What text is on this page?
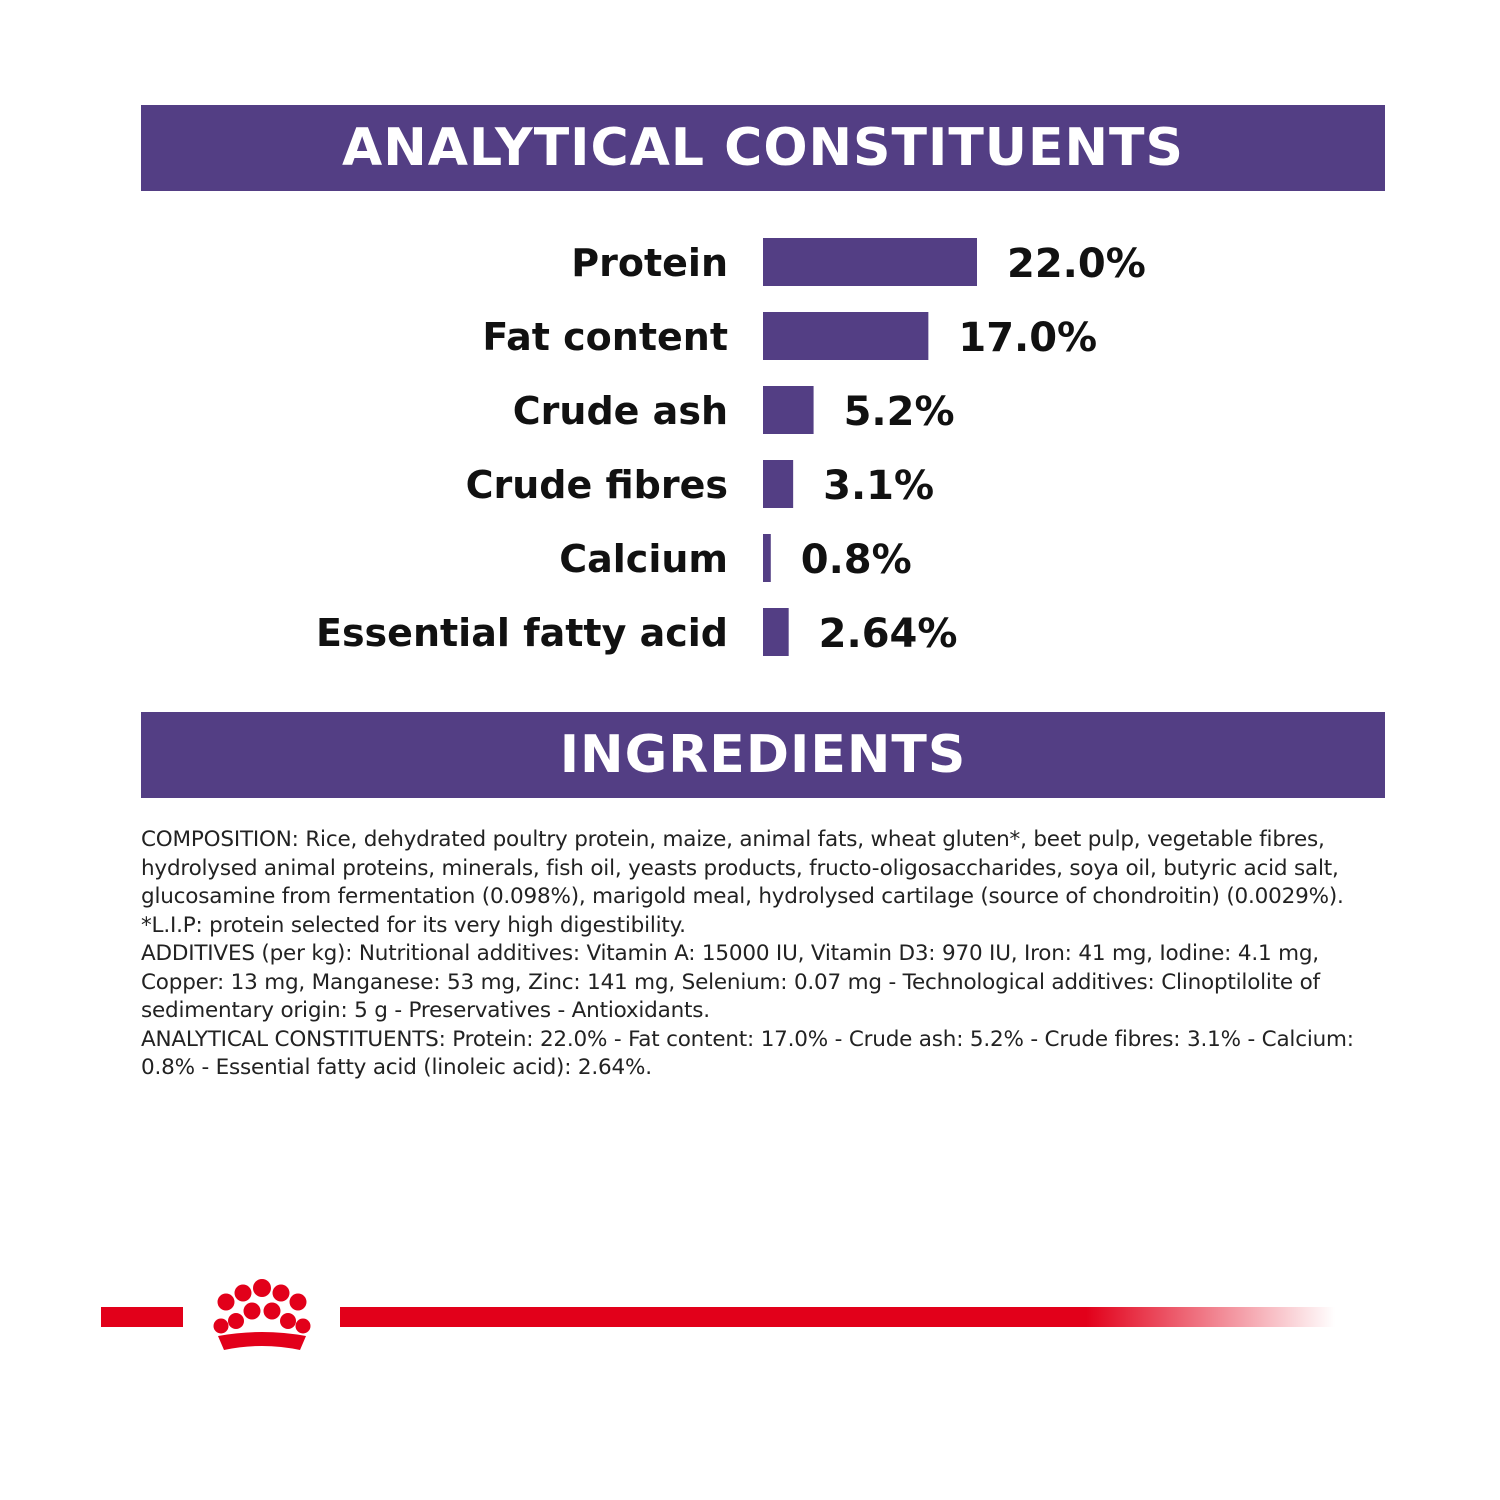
ANALYTICAL CONSTITUENTS
Protein	22.0%
Fat content	17.0%
Crude ash	5.2%
Crude fibres 3.1%
Calcium 0.8%
Essential fatty acid 2.64%
INGREDIENTS

COMPOSITION: Rice, dehydrated poultry protein, maize, animal fats, wheat gluten*, beet pulp, vegetable fibres, hydrolysed animal proteins, minerals, fish oil, yeasts products, fructo-oligosaccharides, soya oil, butyric acid salt, glucosamine from fermentation (0.098%), marigold meal, hydrolysed cartilage (source of chondroitin) (0.0029%). *L.I.P: protein selected for its very high digestibility.

ADDITIVES (per kg): Nutritional additives: Vitamin A: 15000 IU, Vitamin D3: 970 IU, Iron: 41 mg, Iodine: 4.1 mg, Copper: 13 mg, Manganese: 53 mg, Zinc: 141 mg, Selenium: 0.07 mg - Technological additives: Clinoptilolite of sedimentary origin: 5 g - Preservatives - Antioxidants.

ANALYTICAL CONSTITUENTS: Protein: 22.0% - Fat content: 17.0% - Crude ash: 5.2% - Crude fibres: 3.1% - Calcium: 0.8% - Essential fatty acid (linoleic acid): 2.64%.
